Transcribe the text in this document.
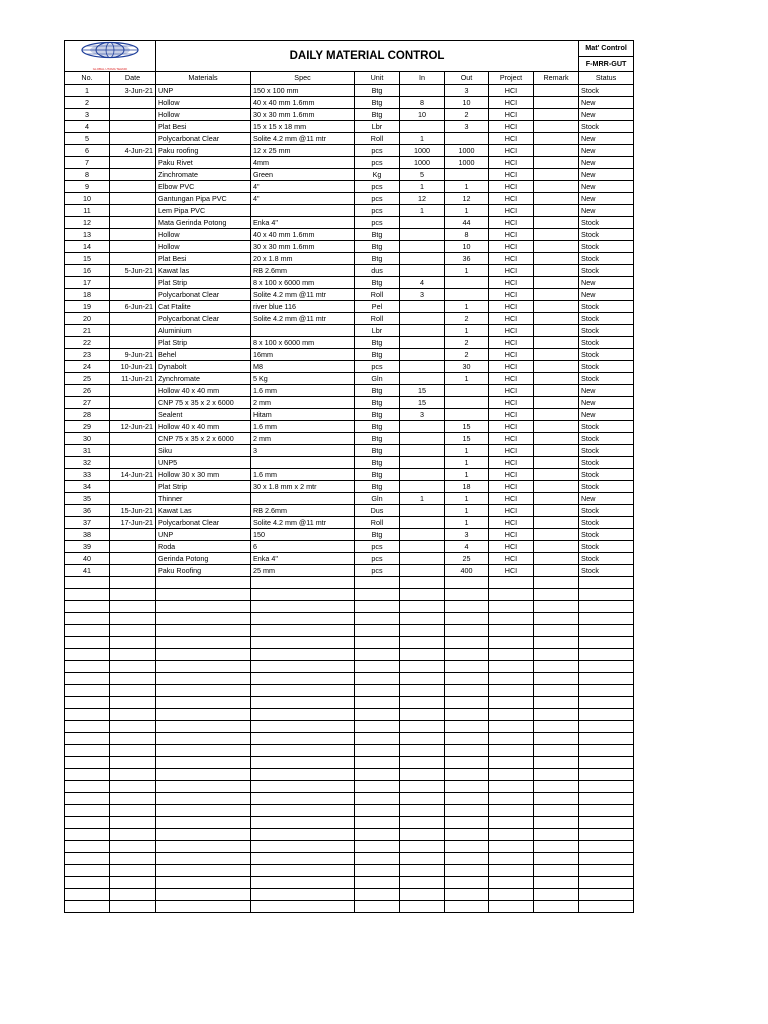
GLOBAL UTAMA TEHNIK		DAILY MATERIAL CONTROL							Mat' Control
									F-MRR-GUT
No.	Date	Materials	Spec	Unit	In	Out	Project	Remark	Status
1	3-Jun-21	UNP	150 x 100 mm	Btg		3	HCI		Stock
2		Hollow	40 x 40 mm 1.6mm	Btg	8	10	HCI		New
3		Hollow	30 x 30 mm 1.6mm	Btg	10	2	HCI		New
4		Plat Besi	15 x 15 x 18 mm	Lbr		3	HCI		Stock
5		Polycarbonat Clear	Solite 4.2 mm @11 mtr	Roll	1		HCI		New
6	4-Jun-21	Paku roofing	12 x 25 mm	pcs	1000	1000	HCI		New
7		Paku Rivet	4mm	pcs	1000	1000	HCI		New
8		Zinchromate	Green	Kg	5		HCI		New
9		Elbow PVC	4"	pcs	1	1	HCI		New
10		Gantungan Pipa PVC	4"	pcs	12	12	HCI		New
11		Lem Pipa PVC		pcs	1	1	HCI		New
12		Mata Gerinda Potong	Enka 4"	pcs		44	HCI		Stock
13		Hollow	40 x 40 mm 1.6mm	Btg		8	HCI		Stock
14		Hollow	30 x 30 mm 1.6mm	Btg		10	HCI		Stock
15		Plat Besi	20 x 1.8 mm	Btg		36	HCI		Stock
16	5-Jun-21	Kawat las	RB 2.6mm	dus		1	HCI		Stock
17		Plat Strip	8 x 100 x 6000 mm	Btg	4		HCI		New
18		Polycarbonat Clear	Solite 4.2 mm @11 mtr	Roll	3		HCI		New
19	6-Jun-21	Cat Ftalite	river blue 116	Pel		1	HCI		Stock
20		Polycarbonat Clear	Solite 4.2 mm @11 mtr	Roll		2	HCI		Stock
21		Aluminium		Lbr		1	HCI		Stock
22		Plat Strip	8 x 100 x 6000 mm	Btg		2	HCI		Stock
23	9-Jun-21	Behel	16mm	Btg		2	HCI		Stock
24	10-Jun-21	Dynabolt	M8	pcs		30	HCI		Stock
25	11-Jun-21	Zynchromate	5 Kg	Gln		1	HCI		Stock
26		Hollow 40 x 40 mm	1.6 mm	Btg	15		HCI		New
27		CNP 75 x 35 x 2 x 6000	2 mm	Btg	15		HCI		New
28		Sealent	Hitam	Btg	3		HCI		New
29	12-Jun-21	Hollow 40 x 40 mm	1.6 mm	Btg		15	HCI		Stock
30		CNP 75 x 35 x 2 x 6000	2 mm	Btg		15	HCI		Stock
31		Siku	3	Btg		1	HCI		Stock
32		UNP5		Btg		1	HCI		Stock
33	14-Jun-21	Hollow 30 x 30 mm	1.6 mm	Btg		1	HCI		Stock
34		Plat Strip	30 x 1.8 mm x 2 mtr	Btg		18	HCI		Stock
35		Thinner		Gln	1	1	HCI		New
36	15-Jun-21	Kawat Las	RB 2.6mm	Dus		1	HCI		Stock
37	17-Jun-21	Polycarbonat Clear	Solite 4.2 mm @11 mtr	Roll		1	HCI		Stock
38		UNP	150	Btg		3	HCI		Stock
39		Roda	6	pcs		4	HCI		Stock
40		Gerinda Potong	Enka 4"	pcs		25	HCI		Stock
41		Paku Roofing	25 mm	pcs		400	HCI		Stock
